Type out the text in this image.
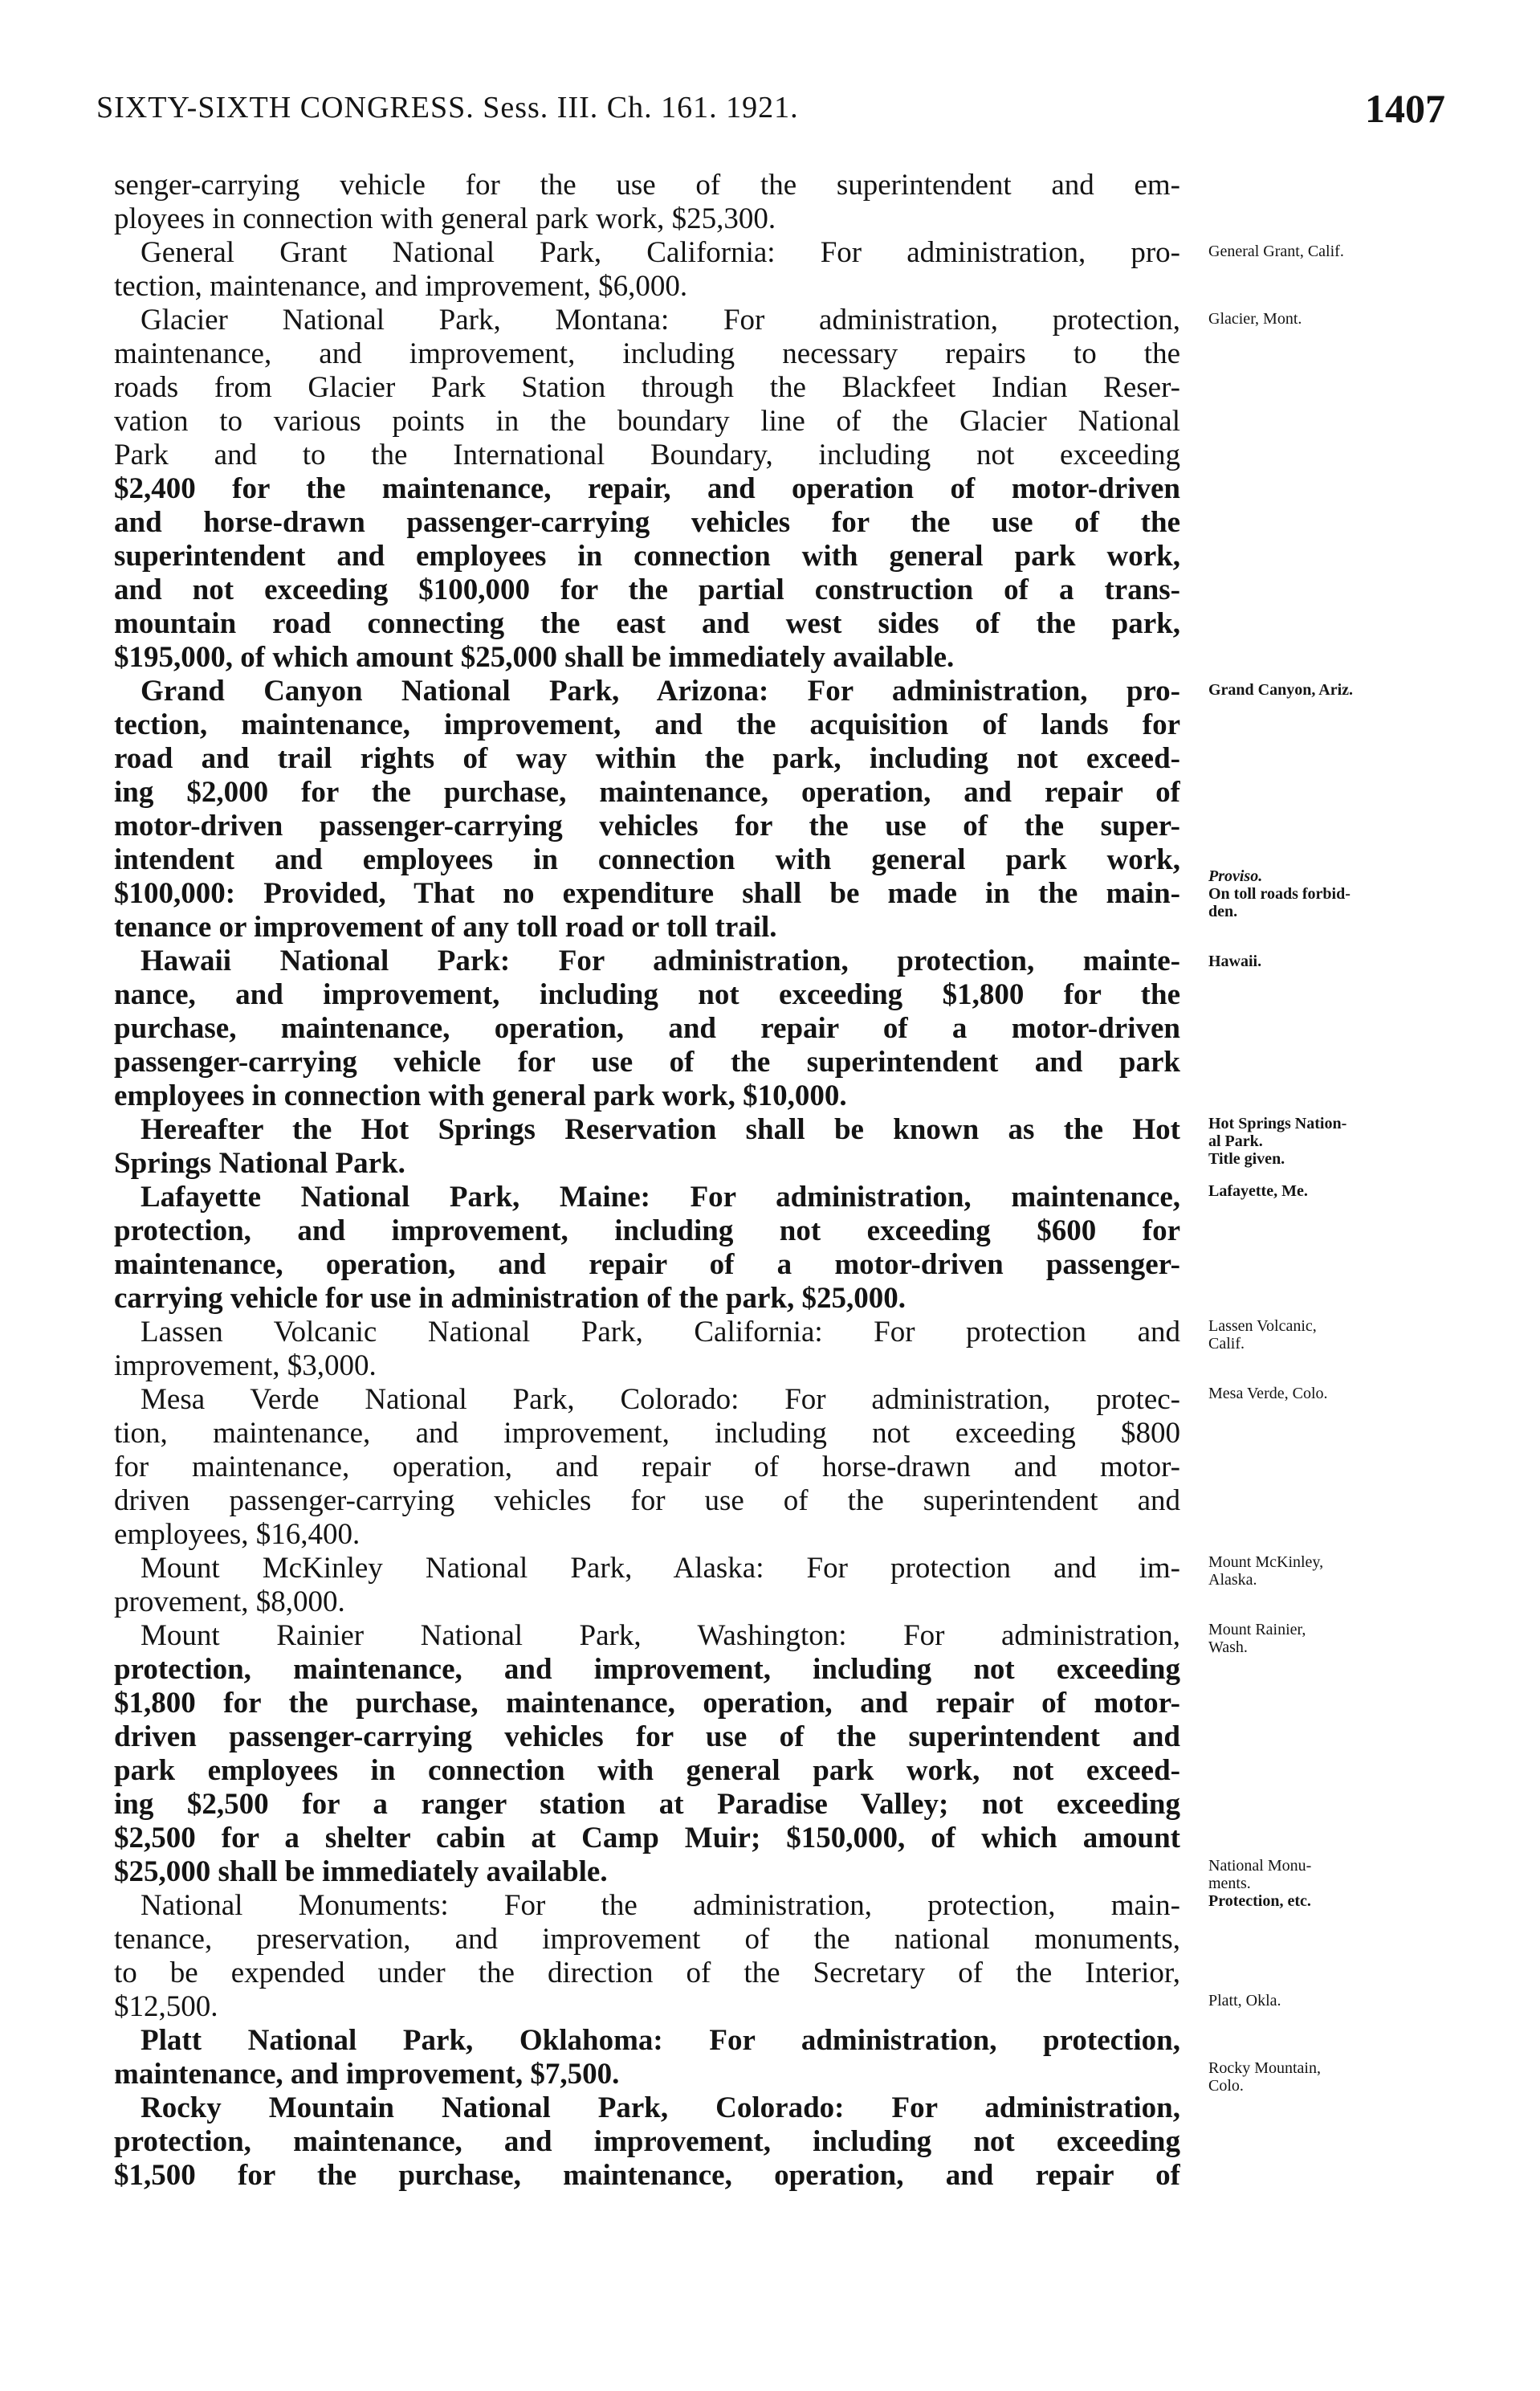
SIXTY-SIXTH CONGRESS. Sess. III. Ch. 161. 1921.	1407
senger-carrying vehicle for the use of the superintendent and em-
ployees in connection with general park work, $25,300.
General Grant National Park, California: For administration, pro-
tection, maintenance, and improvement, $6,000.
Glacier National Park, Montana: For administration, protection,
maintenance, and improvement, including necessary repairs to the
roads from Glacier Park Station through the Blackfeet Indian Reser-
vation to various points in the boundary line of the Glacier National
Park and to the International Boundary, including not exceeding
$2,400 for the maintenance, repair, and operation of motor-driven
and horse-drawn passenger-carrying vehicles for the use of the
superintendent and employees in connection with general park work,
and not exceeding $100,000 for the partial construction of a trans-
mountain road connecting the east and west sides of the park,
$195,000, of which amount $25,000 shall be immediately available.
Grand Canyon National Park, Arizona: For administration, pro-
tection, maintenance, improvement, and the acquisition of lands for
road and trail rights of way within the park, including not exceed-
ing $2,000 for the purchase, maintenance, operation, and repair of
motor-driven passenger-carrying vehicles for the use of the super-
intendent and employees in connection with general park work,
$100,000: Provided, That no expenditure shall be made in the main-
tenance or improvement of any toll road or toll trail.
Hawaii National Park: For administration, protection, mainte-
nance, and improvement, including not exceeding $1,800 for the
purchase, maintenance, operation, and repair of a motor-driven
passenger-carrying vehicle for use of the superintendent and park
employees in connection with general park work, $10,000.
Hereafter the Hot Springs Reservation shall be known as the Hot
Springs National Park.
Lafayette National Park, Maine: For administration, maintenance,
protection, and improvement, including not exceeding $600 for
maintenance, operation, and repair of a motor-driven passenger-
carrying vehicle for use in administration of the park, $25,000.
Lassen Volcanic National Park, California: For protection and
improvement, $3,000.
Mesa Verde National Park, Colorado: For administration, protec-
tion, maintenance, and improvement, including not exceeding $800
for maintenance, operation, and repair of horse-drawn and motor-
driven passenger-carrying vehicles for use of the superintendent and
employees, $16,400.
Mount McKinley National Park, Alaska: For protection and im-
provement, $8,000.
Mount Rainier National Park, Washington: For administration,
protection, maintenance, and improvement, including not exceeding
$1,800 for the purchase, maintenance, operation, and repair of motor-
driven passenger-carrying vehicles for use of the superintendent and
park employees in connection with general park work, not exceed-
ing $2,500 for a ranger station at Paradise Valley; not exceeding
$2,500 for a shelter cabin at Camp Muir; $150,000, of which amount
$25,000 shall be immediately available.
National Monuments: For the administration, protection, main-
tenance, preservation, and improvement of the national monuments,
to be expended under the direction of the Secretary of the Interior,
$12,500.
Platt National Park, Oklahoma: For administration, protection,
maintenance, and improvement, $7,500.
Rocky Mountain National Park, Colorado: For administration,
protection, maintenance, and improvement, including not exceeding
$1,500 for the purchase, maintenance, operation, and repair of
General Grant, Calif.
Glacier, Mont.
Grand Canyon, Ariz.
Proviso.
On toll roads forbid-
den.
Hawaii.
Hot Springs Nation-
al Park.
Title given.
Lafayette, Me.
Lassen Volcanic,
Calif.
Mesa Verde, Colo.
Mount McKinley,
Alaska.
Mount Rainier,
Wash.
National Monu-
ments.
Protection, etc.
Platt, Okla.
Rocky Mountain,
Colo.
